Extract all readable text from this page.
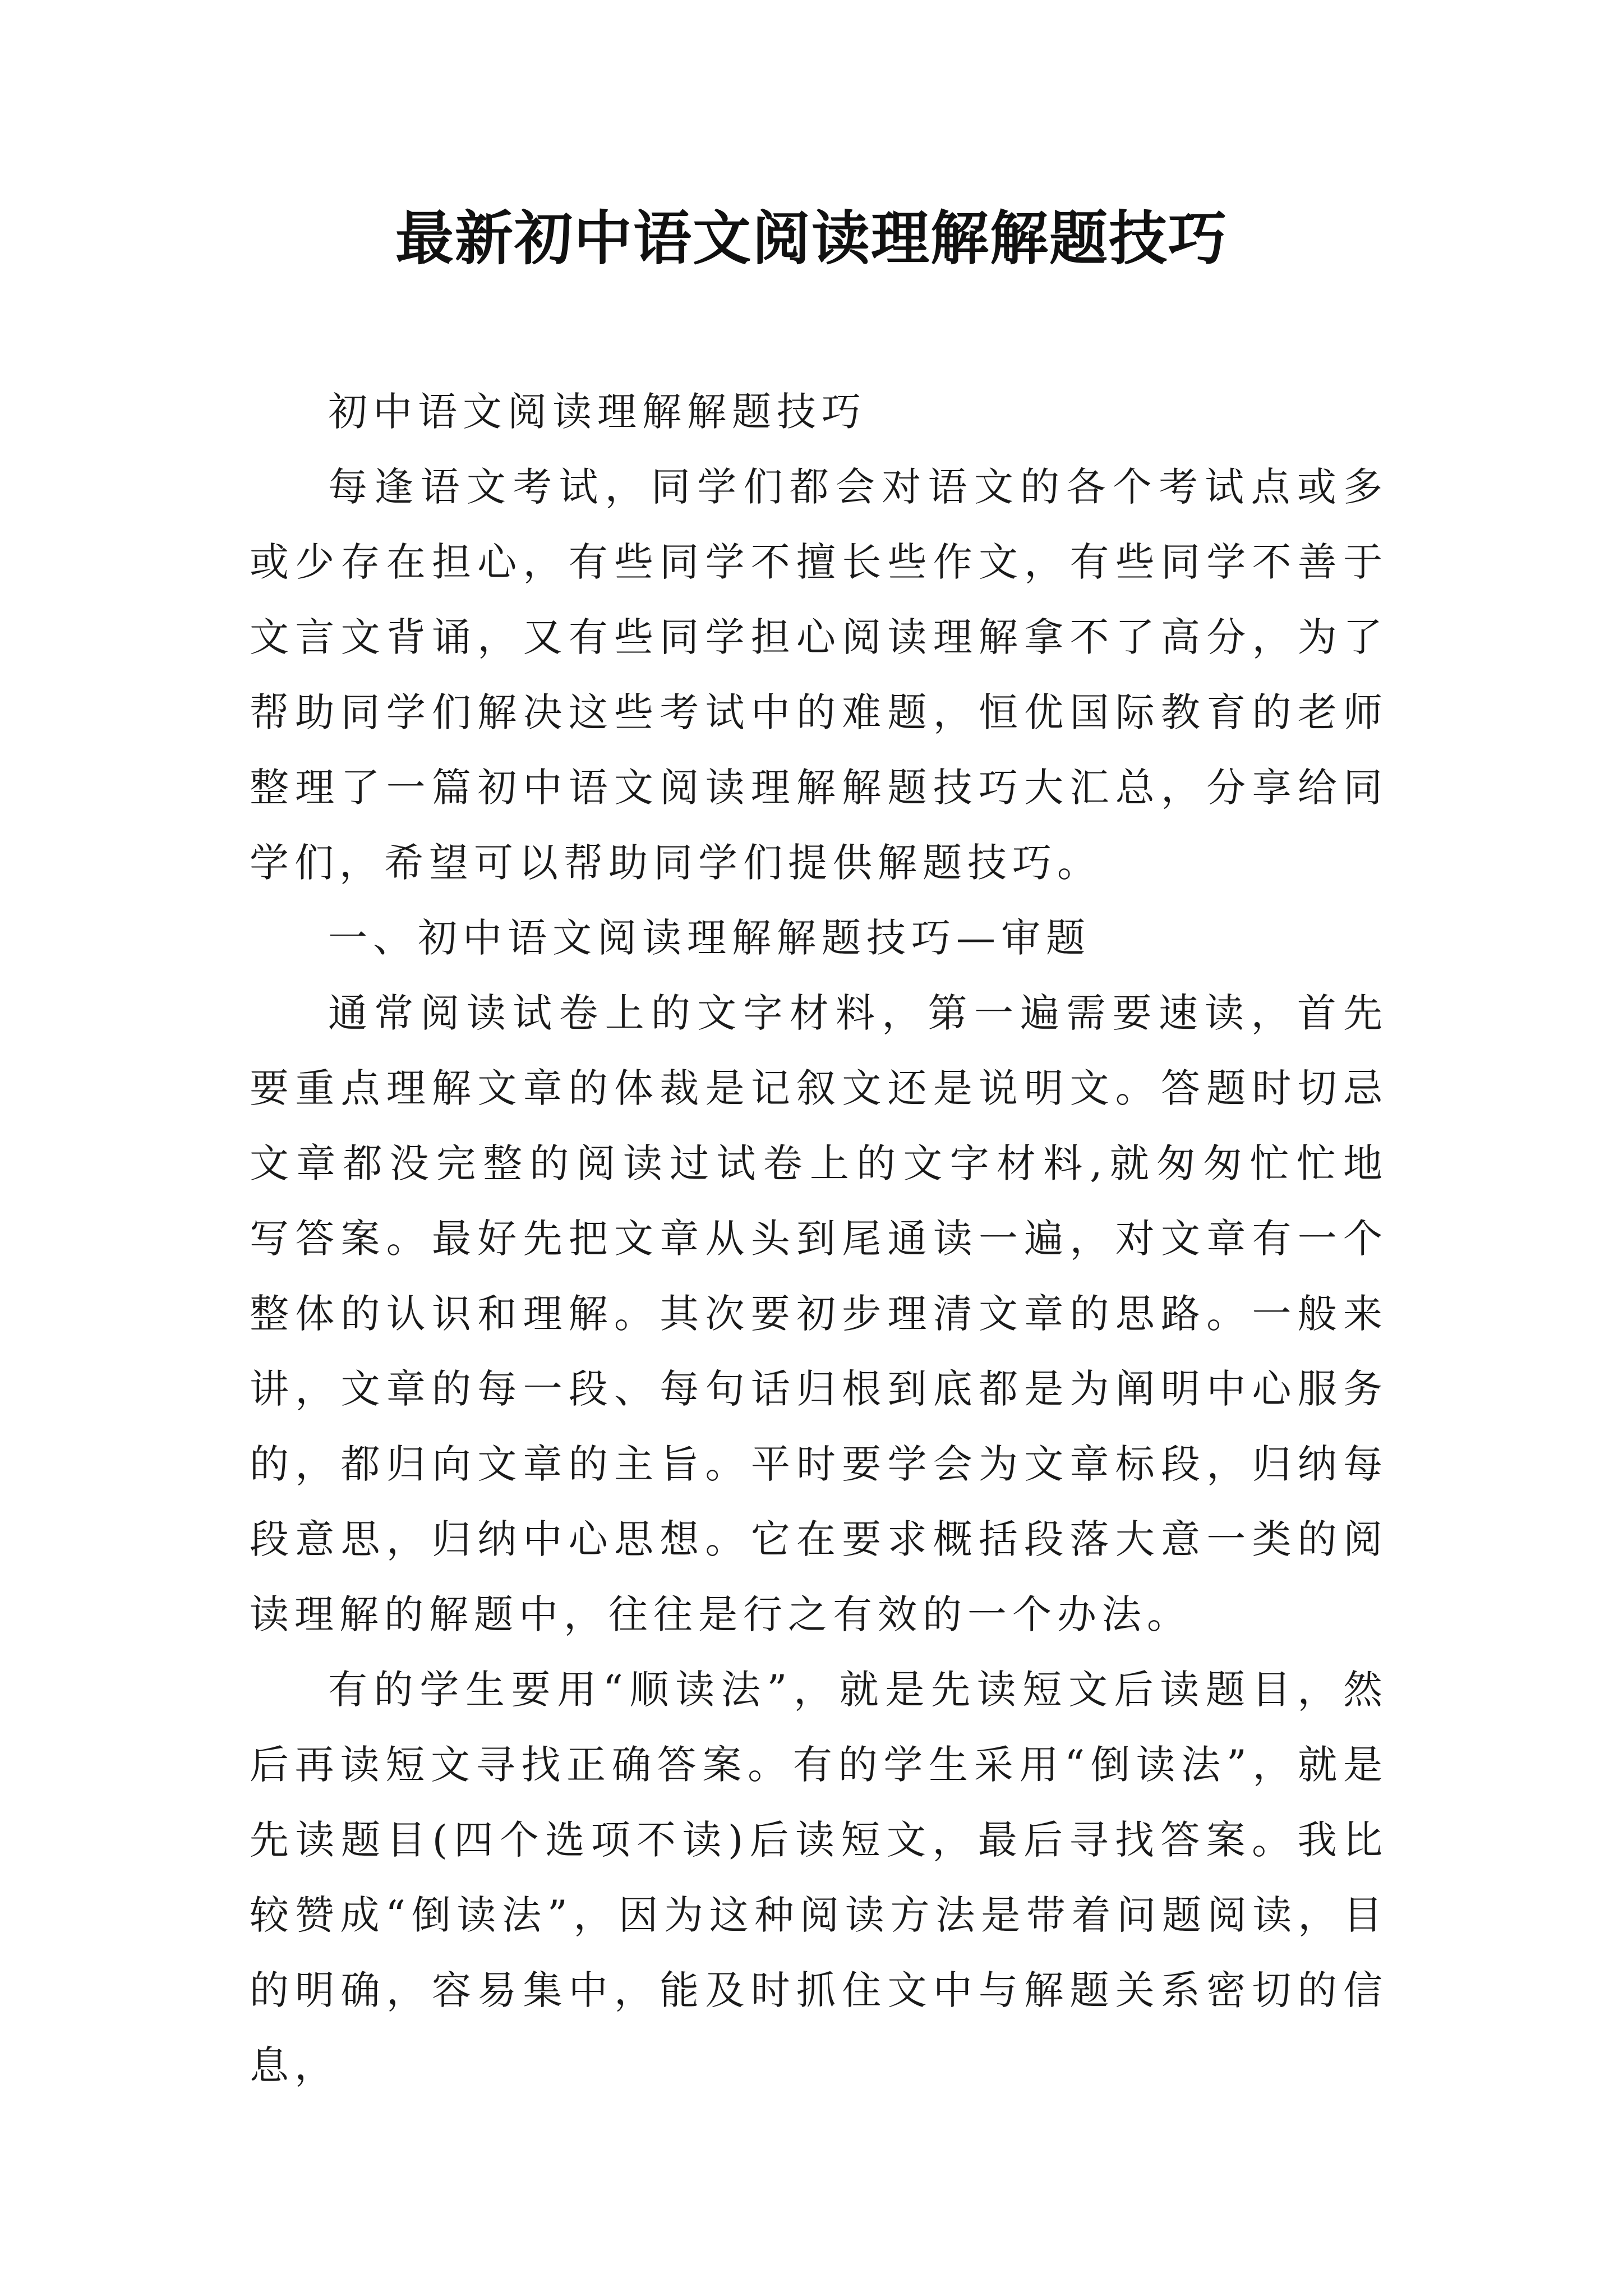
最新初中语文阅读理解解题技巧

初中语文阅读理解解题技巧

每逢语文考试，同学们都会对语文的各个考试点或多或少存在担心，有些同学不擅长些作文，有些同学不善于文言文背诵，又有些同学担心阅读理解拿不了高分，为了帮助同学们解决这些考试中的难题，恒优国际教育的老师整理了一篇初中语文阅读理解解题技巧大汇总，分享给同学们，希望可以帮助同学们提供解题技巧。

一、初中语文阅读理解解题技巧—审题

通常阅读试卷上的文字材料，第一遍需要速读，首先要重点理解文章的体裁是记叙文还是说明文。答题时切忌文章都没完整的阅读过试卷上的文字材料,就匆匆忙忙地写答案。最好先把文章从头到尾通读一遍，对文章有一个整体的认识和理解。其次要初步理清文章的思路。一般来讲，文章的每一段、每句话归根到底都是为阐明中心服务的，都归向文章的主旨。平时要学会为文章标段，归纳每段意思，归纳中心思想。它在要求概括段落大意一类的阅读理解的解题中，往往是行之有效的一个办法。

有的学生要用“顺读法”，就是先读短文后读题目，然后再读短文寻找正确答案。有的学生采用“倒读法”，就是先读题目(四个选项不读)后读短文，最后寻找答案。我比较赞成“倒读法”，因为这种阅读方法是带着问题阅读，目的明确，容易集中，能及时抓住文中与解题关系密切的信息，
